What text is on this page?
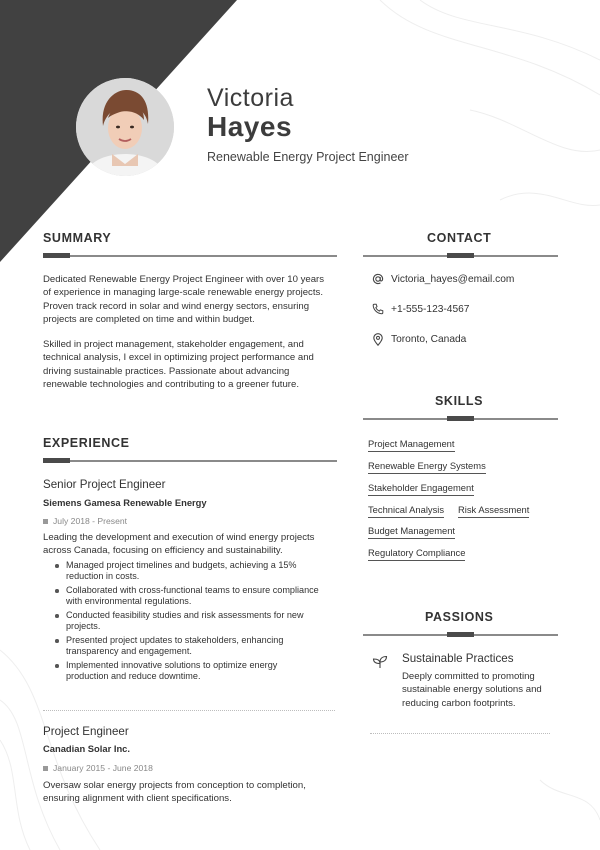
Victoria
Hayes
Renewable Energy Project Engineer
SUMMARY
Dedicated Renewable Energy Project Engineer with over 10 years
of experience in managing large-scale renewable energy projects.
Proven track record in solar and wind energy sectors, ensuring
projects are completed on time and within budget.
Skilled in project management, stakeholder engagement, and
technical analysis, I excel in optimizing project performance and
driving sustainable practices. Passionate about advancing
renewable technologies and contributing to a greener future.
EXPERIENCE
Senior Project Engineer
Siemens Gamesa Renewable Energy
July 2018 - Present
Leading the development and execution of wind energy projects
across Canada, focusing on efficiency and sustainability.
Managed project timelines and budgets, achieving a 15%
reduction in costs.
Collaborated with cross-functional teams to ensure compliance
with environmental regulations.
Conducted feasibility studies and risk assessments for new
projects.
Presented project updates to stakeholders, enhancing
transparency and engagement.
Implemented innovative solutions to optimize energy
production and reduce downtime.
Project Engineer
Canadian Solar Inc.
January 2015 - June 2018
Oversaw solar energy projects from conception to completion,
ensuring alignment with client specifications.
CONTACT
Victoria_hayes@email.com
+1-555-123-4567
Toronto, Canada
SKILLS
Project Management
Renewable Energy Systems
Stakeholder Engagement
Technical Analysis Risk Assessment
Budget Management
Regulatory Compliance
PASSIONS
Sustainable Practices
Deeply committed to promoting
sustainable energy solutions and
reducing carbon footprints.
